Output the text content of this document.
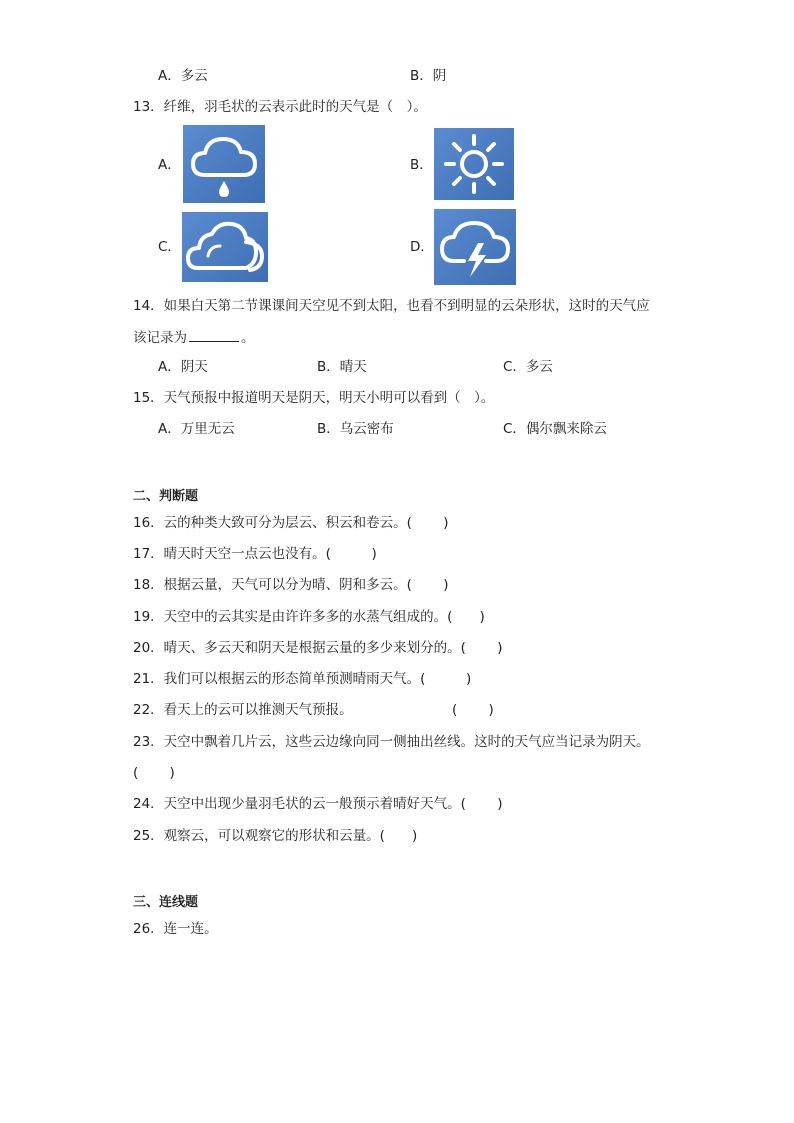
A．多云	B．阴
13．纤维，羽毛状的云表示此时的天气是（　）。
A．	B．
C．	D．
14．如果白天第二节课课间天空见不到太阳，也看不到明显的云朵形状，这时的天气应
该记录为	。
A．阴天	B．晴天	C．多云
15．天气预报中报道明天是阴天，明天小明可以看到（　）。
A．万里无云	B．乌云密布	C．偶尔飘来除云
二、判断题
16．云的种类大致可分为层云、积云和卷云。(　　 )
17．晴天时天空一点云也没有。(　　　)
18．根据云量，天气可以分为晴、阴和多云。(　　 )
19．天空中的云其实是由许许多多的水蒸气组成的。(　　)
20．晴天、多云天和阴天是根据云量的多少来划分的。(　　 )
21．我们可以根据云的形态简单预测晴雨天气。(　　　)
22．看天上的云可以推测天气预报。	(　　 )
23．天空中飘着几片云，这些云边缘向同一侧抽出丝线。这时的天气应当记录为阴天。
(　　 )
24．天空中出现少量羽毛状的云一般预示着晴好天气。(　　 )
25．观察云，可以观察它的形状和云量。(　　)
三、连线题
26．连一连。
